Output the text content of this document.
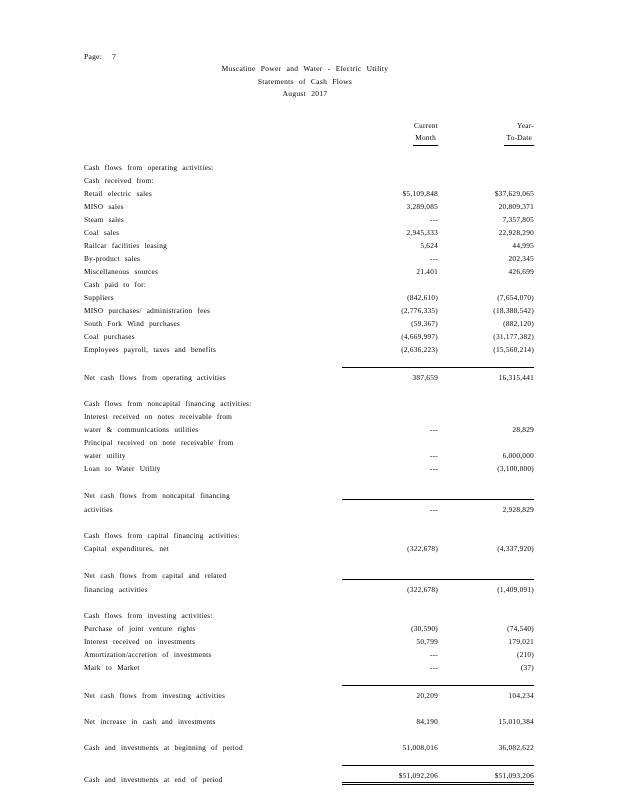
Page: 7
Muscatine Power and Water - Electric Utility
Statements of Cash Flows
August 2017

Current
Month

Year-
To-Date

Cash flows from operating activities:		
Cash received from:		
Retail electric sales	$5,109,848	$37,629,065
MISO sales	3,289,085	20,809,371
Steam sales	---	7,357,805
Coal sales	2,945,333	22,928,290
Railcar facilities leasing	5,624	44,995
By-product sales	---	202,345
Miscellaneous sources	21,401	426,699
Cash paid to for:		
Suppliers	(842,610)	(7,654,070)
MISO purchases/ administration fees	(2,776,335)	(18,388,542)
South Fork Wind purchases	(59,367)	(882,120)
Coal purchases	(4,669,997)	(31,177,382)
Employees payroll, taxes and benefits	(2,636,223)	(15,560,214)

Net cash flows from operating activities	387,659	16,315,441

Cash flows from noncapital financing activities:		
Interest received on notes receivable from		
water & communications utilities	---	28,829
Principal received on note receivable from		
water utility	---	6,000,000
Loan to Water Utility	---	(3,100,000)

Net cash flows from noncapital financing		
activities	---	2,928,829

Cash flows from capital financing activities:		
Capital expenditures, net	(322,678)	(4,337,920)

Net cash flows from capital and related		
financing activities	(322,678)	(1,409,091)

Cash flows from investing activities:		
Purchase of joint venture rights	(30,590)	(74,540)
Interest received on investments	50,799	179,021
Amortization/accretion of investments	---	(210)
Mark to Market	---	(37)

Net cash flows from investing activities	20,209	104,234

Net increase in cash and investments	84,190	15,010,384

Cash and investments at beginning of period	51,008,016	36,082,622

Cash and investments at end of period	$51,092,206	$51,093,206
